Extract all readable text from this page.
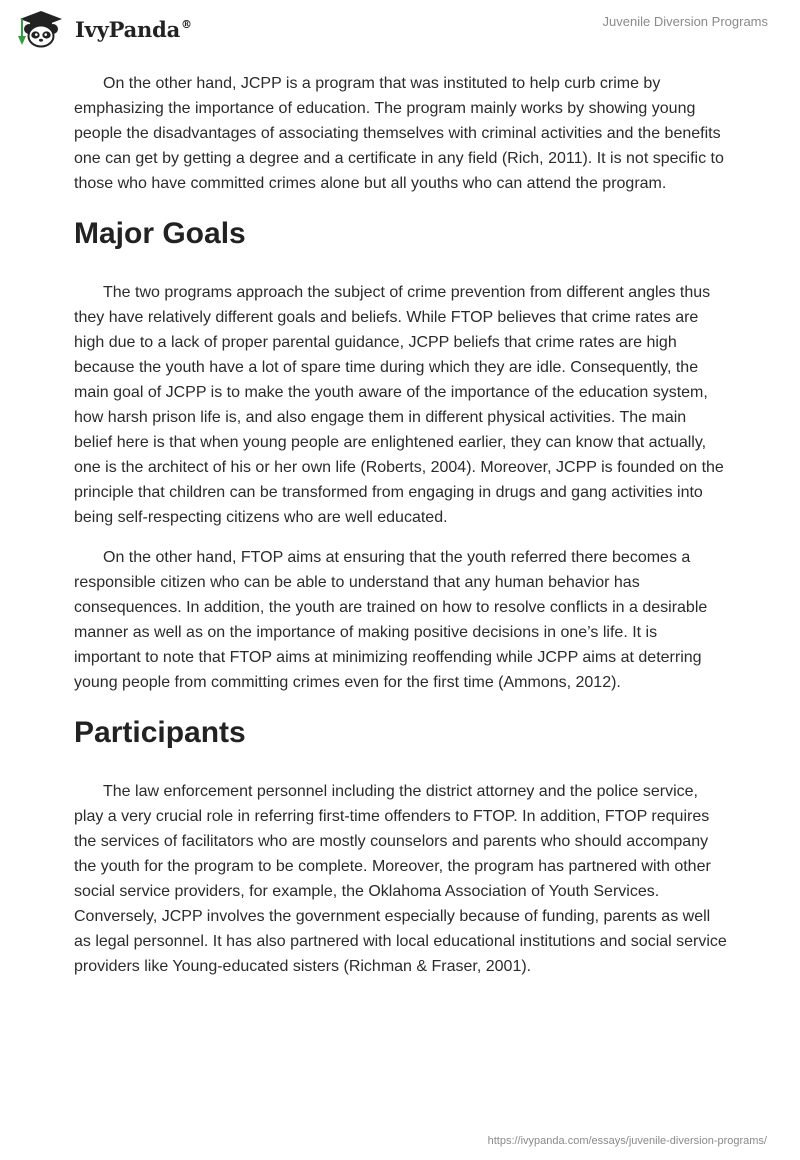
IvyPanda®	Juvenile Diversion Programs

On the other hand, JCPP is a program that was instituted to help curb crime by emphasizing the importance of education. The program mainly works by showing young people the disadvantages of associating themselves with criminal activities and the benefits one can get by getting a degree and a certificate in any field (Rich, 2011). It is not specific to those who have committed crimes alone but all youths who can attend the program.

Major Goals

The two programs approach the subject of crime prevention from different angles thus they have relatively different goals and beliefs. While FTOP believes that crime rates are high due to a lack of proper parental guidance, JCPP beliefs that crime rates are high because the youth have a lot of spare time during which they are idle. Consequently, the main goal of JCPP is to make the youth aware of the importance of the education system, how harsh prison life is, and also engage them in different physical activities. The main belief here is that when young people are enlightened earlier, they can know that actually, one is the architect of his or her own life (Roberts, 2004). Moreover, JCPP is founded on the principle that children can be transformed from engaging in drugs and gang activities into being self-respecting citizens who are well educated.

On the other hand, FTOP aims at ensuring that the youth referred there becomes a responsible citizen who can be able to understand that any human behavior has consequences. In addition, the youth are trained on how to resolve conflicts in a desirable manner as well as on the importance of making positive decisions in one’s life. It is important to note that FTOP aims at minimizing reoffending while JCPP aims at deterring young people from committing crimes even for the first time (Ammons, 2012).

Participants

The law enforcement personnel including the district attorney and the police service, play a very crucial role in referring first-time offenders to FTOP. In addition, FTOP requires the services of facilitators who are mostly counselors and parents who should accompany the youth for the program to be complete. Moreover, the program has partnered with other social service providers, for example, the Oklahoma Association of Youth Services. Conversely, JCPP involves the government especially because of funding, parents as well as legal personnel. It has also partnered with local educational institutions and social service providers like Young-educated sisters (Richman & Fraser, 2001).

https://ivypanda.com/essays/juvenile-diversion-programs/
